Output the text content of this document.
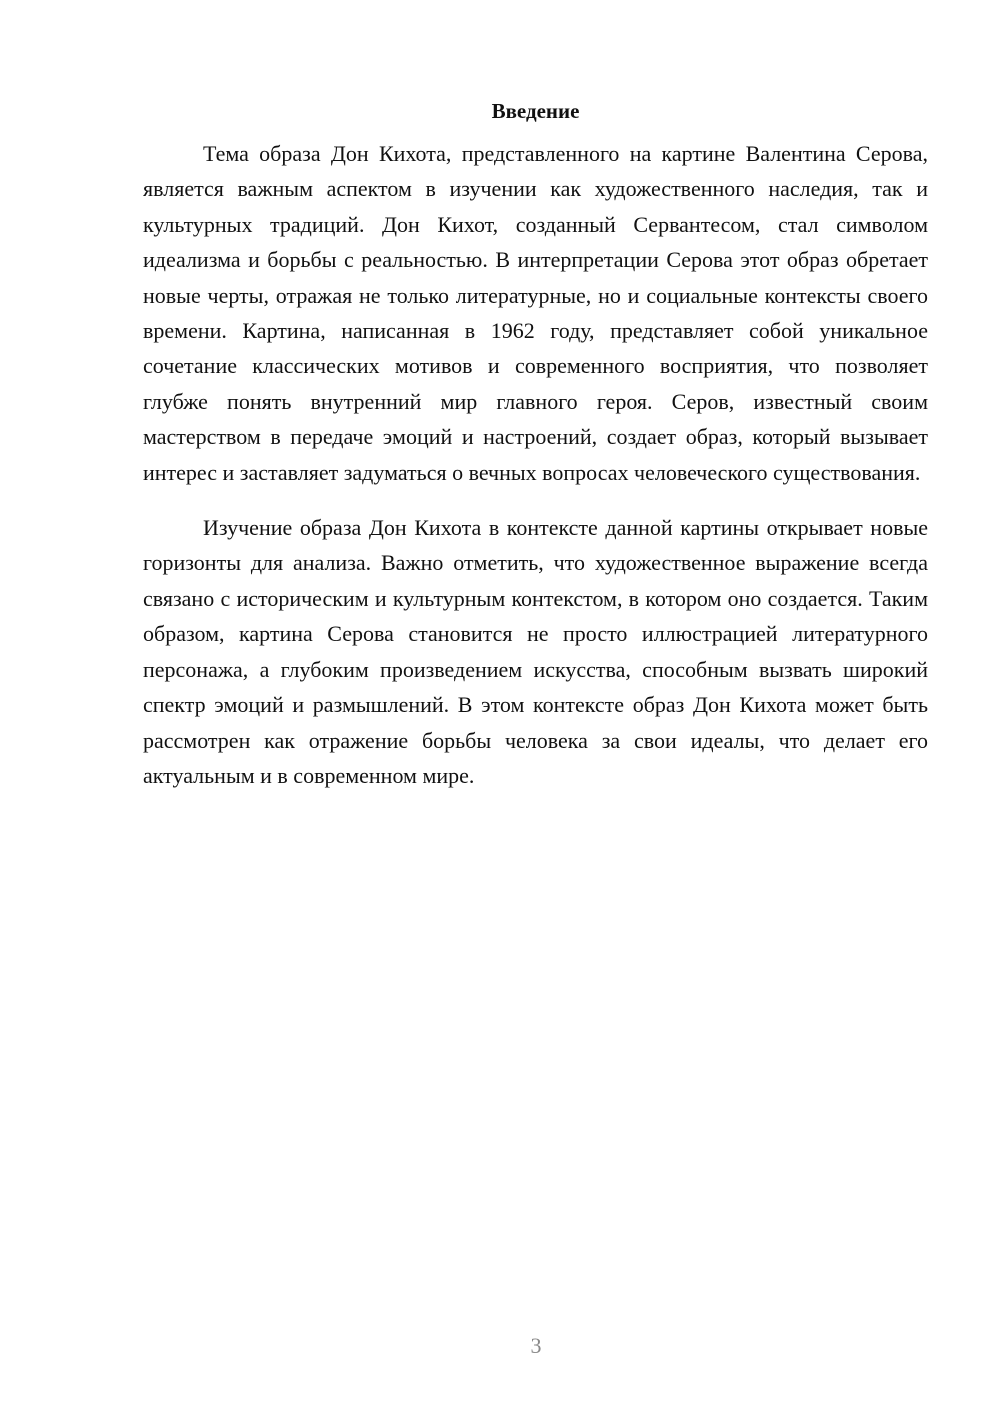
Введение

Тема образа Дон Кихота, представленного на картине Валентина Серова, является важным аспектом в изучении как художественного наследия, так и культурных традиций. Дон Кихот, созданный Сервантесом, стал символом идеализма и борьбы с реальностью. В интерпретации Серова этот образ обретает новые черты, отражая не только литературные, но и социальные контексты своего времени. Картина, написанная в 1962 году, представляет собой уникальное сочетание классических мотивов и современного восприятия, что позволяет глубже понять внутренний мир главного героя. Серов, известный своим мастерством в передаче эмоций и настроений, создает образ, который вызывает интерес и заставляет задуматься о вечных вопросах человеческого существования.

Изучение образа Дон Кихота в контексте данной картины открывает новые горизонты для анализа. Важно отметить, что художественное выражение всегда связано с историческим и культурным контекстом, в котором оно создается. Таким образом, картина Серова становится не просто иллюстрацией литературного персонажа, а глубоким произведением искусства, способным вызвать широкий спектр эмоций и размышлений. В этом контексте образ Дон Кихота может быть рассмотрен как отражение борьбы человека за свои идеалы, что делает его актуальным и в современном мире.

3
